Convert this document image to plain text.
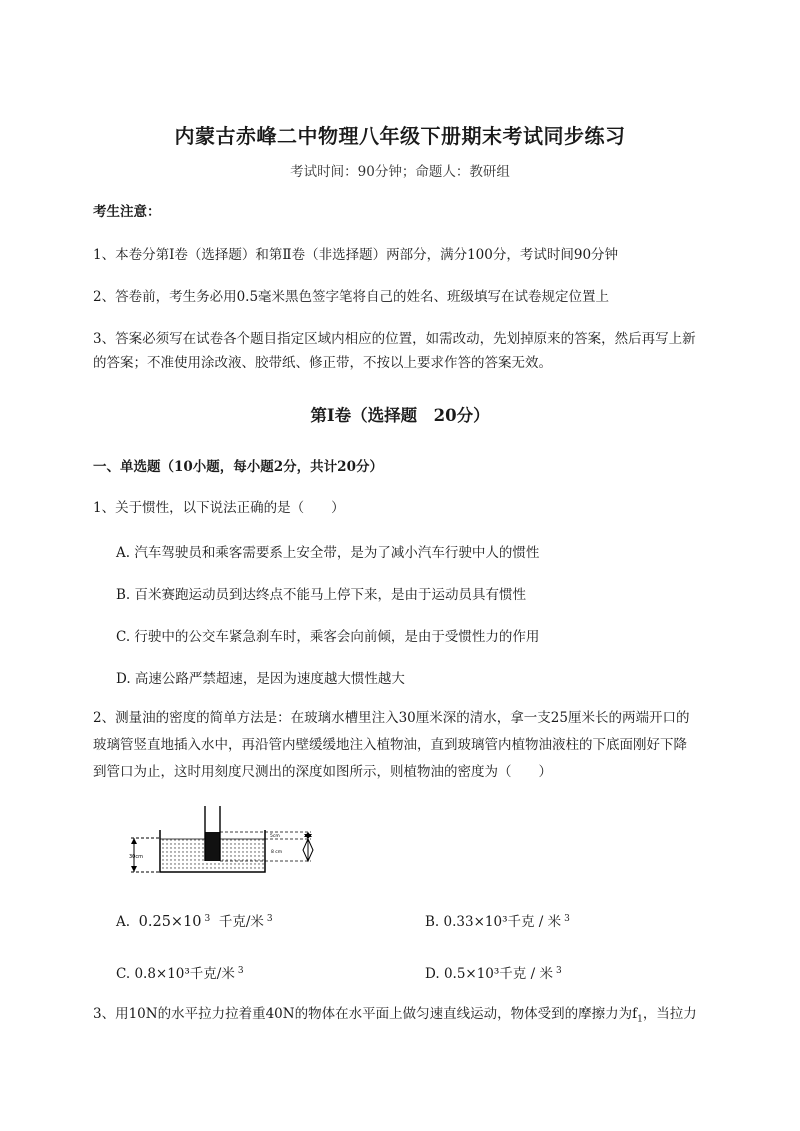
内蒙古赤峰二中物理八年级下册期末考试同步练习
考试时间：90分钟；命题人：教研组
考生注意：
1、本卷分第I卷（选择题）和第Ⅱ卷（非选择题）两部分，满分100分，考试时间90分钟
2、答卷前，考生务必用0.5毫米黑色签字笔将自己的姓名、班级填写在试卷规定位置上
3、答案必须写在试卷各个题目指定区域内相应的位置，如需改动，先划掉原来的答案，然后再写上新
的答案；不准使用涂改液、胶带纸、修正带，不按以上要求作答的答案无效。
第I卷（选择题　20分）
一、单选题（10小题，每小题2分，共计20分）
1、关于惯性，以下说法正确的是（　　）
A. 汽车驾驶员和乘客需要系上安全带，是为了减小汽车行驶中人的惯性
B. 百米赛跑运动员到达终点不能马上停下来，是由于运动员具有惯性
C. 行驶中的公交车紧急刹车时，乘客会向前倾，是由于受惯性力的作用
D. 高速公路严禁超速，是因为速度越大惯性越大
2、测量油的密度的简单方法是：在玻璃水槽里注入30厘米深的清水，拿一支25厘米长的两端开口的
玻璃管竖直地插入水中，再沿管内壁缓缓地注入植物油，直到玻璃管内植物油液柱的下底面刚好下降
到管口为止，这时用刻度尺测出的深度如图所示，则植物油的密度为（　　）
30cm
5cm
8 cm
A. 0.25×10 $^3$ 千克/米 $^3$	B. 0.33×10³千克 / 米 $^3$
C. 0.8×10³千克/米 $^3$	D. 0.5×10³千克 / 米 $^3$
3、用10N的水平拉力拉着重40N的物体在水平面上做匀速直线运动，物体受到的摩擦力为$f_1$，当拉力
